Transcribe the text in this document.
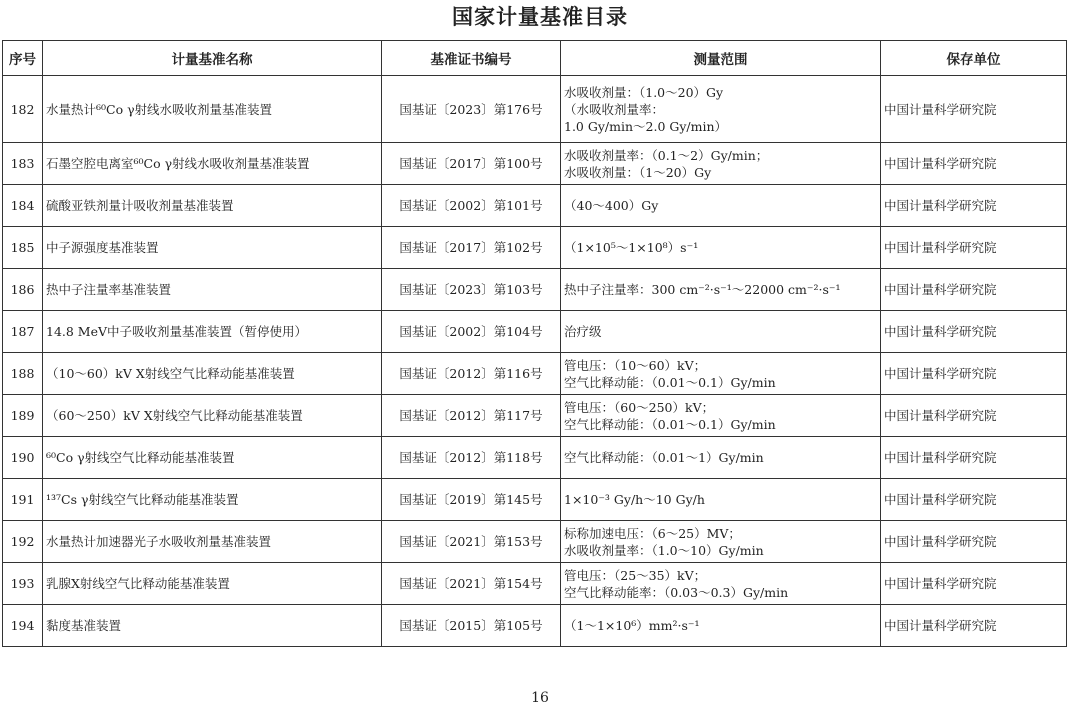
国家计量基准目录
序号	计量基准名称	基准证书编号	测量范围	保存单位
182	水量热计⁶⁰Co γ射线水吸收剂量基准装置	国基证〔2023〕第176号	水吸收剂量：（1.0～20）Gy
（水吸收剂量率：
1.0 Gy/min～2.0 Gy/min）	中国计量科学研究院
183	石墨空腔电离室⁶⁰Co γ射线水吸收剂量基准装置	国基证〔2017〕第100号	水吸收剂量率：（0.1～2）Gy/min；
水吸收剂量：（1～20）Gy	中国计量科学研究院
184	硫酸亚铁剂量计吸收剂量基准装置	国基证〔2002〕第101号	（40～400）Gy	中国计量科学研究院
185	中子源强度基准装置	国基证〔2017〕第102号	（1×10⁵～1×10⁸）s⁻¹	中国计量科学研究院
186	热中子注量率基准装置	国基证〔2023〕第103号	热中子注量率：300 cm⁻²·s⁻¹～22000 cm⁻²·s⁻¹	中国计量科学研究院
187	14.8 MeV中子吸收剂量基准装置（暂停使用）	国基证〔2002〕第104号	治疗级	中国计量科学研究院
188	（10～60）kV X射线空气比释动能基准装置	国基证〔2012〕第116号	管电压：（10～60）kV；
空气比释动能：（0.01～0.1）Gy/min	中国计量科学研究院
189	（60～250）kV X射线空气比释动能基准装置	国基证〔2012〕第117号	管电压：（60～250）kV；
空气比释动能：（0.01～0.1）Gy/min	中国计量科学研究院
190	⁶⁰Co γ射线空气比释动能基准装置	国基证〔2012〕第118号	空气比释动能：（0.01～1）Gy/min	中国计量科学研究院
191	¹³⁷Cs γ射线空气比释动能基准装置	国基证〔2019〕第145号	1×10⁻³ Gy/h～10 Gy/h	中国计量科学研究院
192	水量热计加速器光子水吸收剂量基准装置	国基证〔2021〕第153号	标称加速电压：（6～25）MV；
水吸收剂量率：（1.0～10）Gy/min	中国计量科学研究院
193	乳腺X射线空气比释动能基准装置	国基证〔2021〕第154号	管电压：（25～35）kV；
空气比释动能率：（0.03～0.3）Gy/min	中国计量科学研究院
194	黏度基准装置	国基证〔2015〕第105号	（1～1×10⁶）mm²·s⁻¹	中国计量科学研究院
16
